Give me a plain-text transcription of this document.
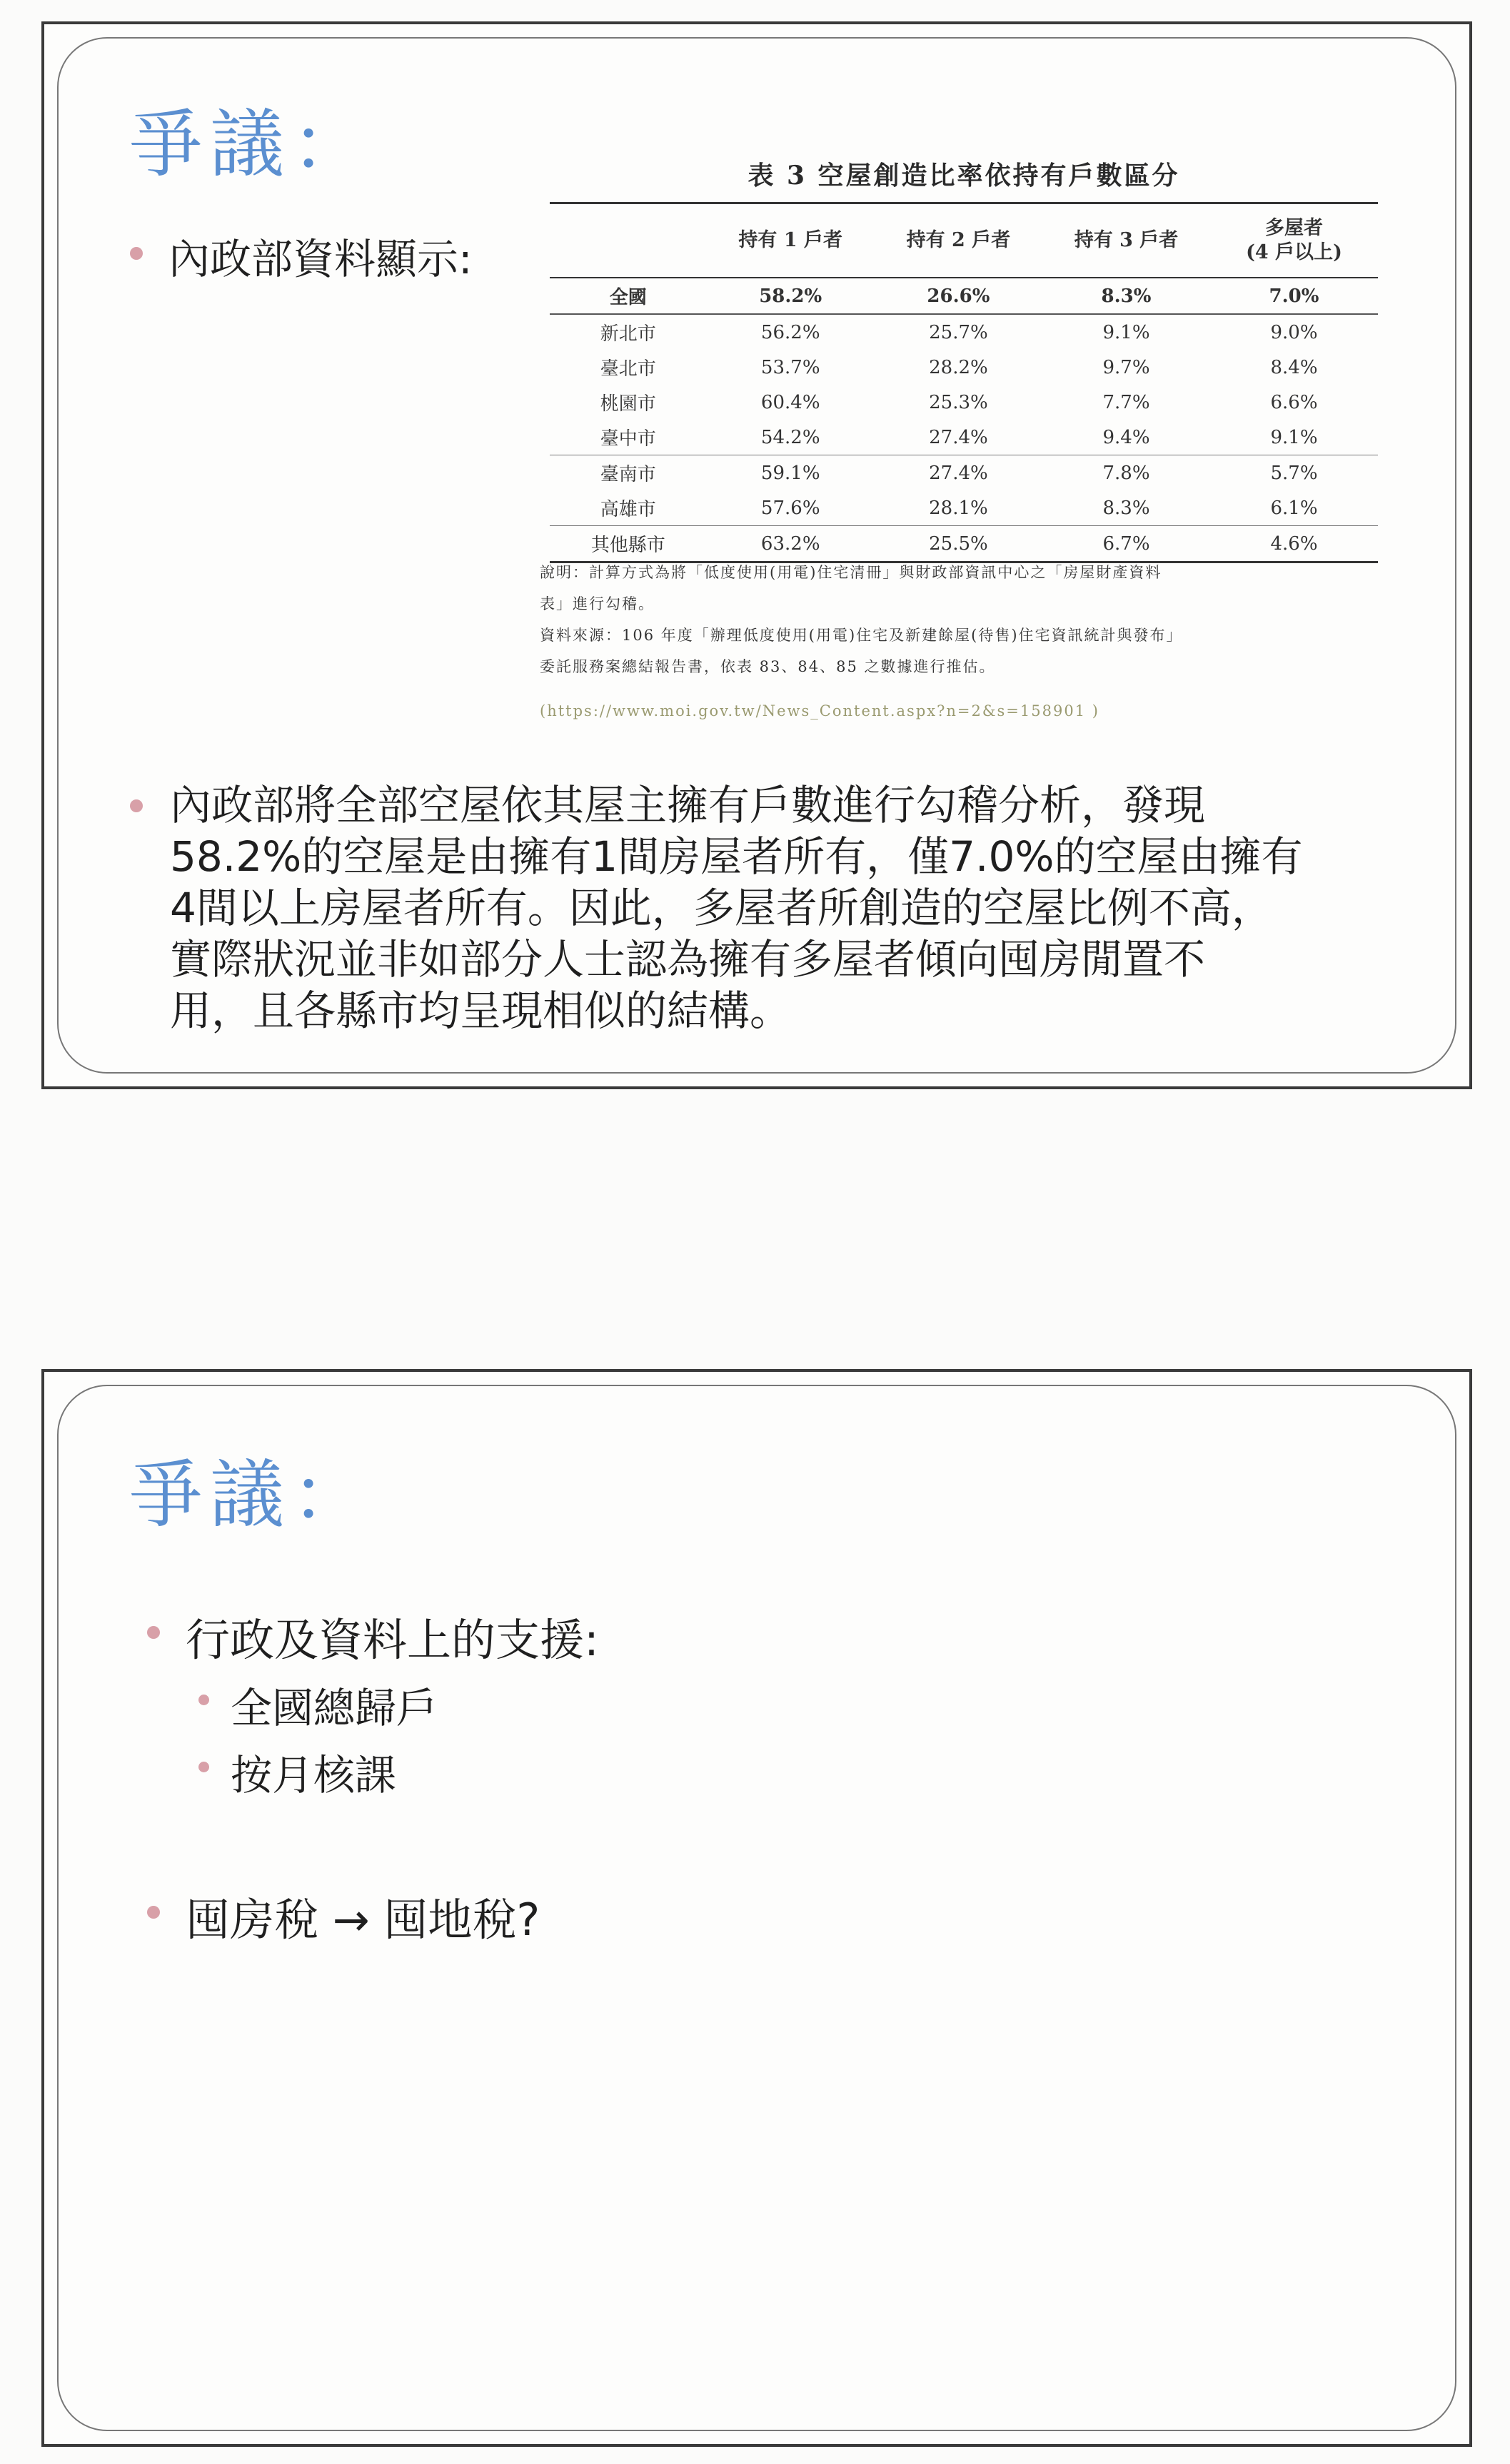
爭議：
內政部資料顯示:
表 3 空屋創造比率依持有戶數區分
	持有 1 戶者	持有 2 戶者	持有 3 戶者	多屋者
(4 戶以上)

全國	58.2%	26.6%	8.3%	7.0%
新北市	56.2%	25.7%	9.1%	9.0%
臺北市	53.7%	28.2%	9.7%	8.4%
桃園市	60.4%	25.3%	7.7%	6.6%
臺中市	54.2%	27.4%	9.4%	9.1%
臺南市	59.1%	27.4%	7.8%	5.7%
高雄市	57.6%	28.1%	8.3%	6.1%
其他縣市	63.2%	25.5%	6.7%	4.6%
說明：計算方式為將「低度使用(用電)住宅清冊」與財政部資訊中心之「房屋財產資料
表」進行勾稽。
資料來源：106 年度「辦理低度使用(用電)住宅及新建餘屋(待售)住宅資訊統計與發布」
委託服務案總結報告書，依表 83、84、85 之數據進行推估。
(https://www.moi.gov.tw/News_Content.aspx?n=2&s=158901 )
內政部將全部空屋依其屋主擁有戶數進行勾稽分析，發現
58.2%的空屋是由擁有1間房屋者所有，僅7.0%的空屋由擁有
4間以上房屋者所有。因此，多屋者所創造的空屋比例不高，
實際狀況並非如部分人士認為擁有多屋者傾向囤房閒置不
用，且各縣市均呈現相似的結構。
爭議：
行政及資料上的支援:
全國總歸戶
按月核課
囤房稅 → 囤地稅?
